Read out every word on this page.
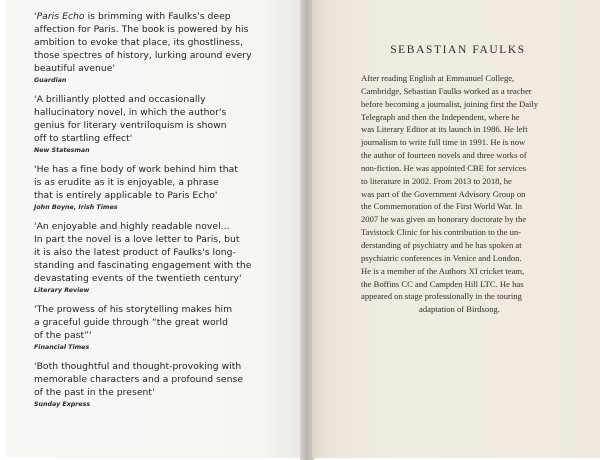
'Paris Echo is brimming with Faulks's deep
affection for Paris. The book is powered by his
ambition to evoke that place, its ghostliness,
those spectres of history, lurking around every
beautiful avenue'

Guardian

'A brilliantly plotted and occasionally
hallucinatory novel, in which the author's
genius for literary ventriloquism is shown
off to startling effect'

New Statesman

'He has a fine body of work behind him that
is as erudite as it is enjoyable, a phrase
that is entirely applicable to Paris Echo'

John Boyne, Irish Times

'An enjoyable and highly readable novel...
In part the novel is a love letter to Paris, but
it is also the latest product of Faulks's long-
standing and fascinating engagement with the
devastating events of the twentieth century'

Literary Review

'The prowess of his storytelling makes him
a graceful guide through “the great world
of the past”'

Financial Times

'Both thoughtful and thought-provoking with
memorable characters and a profound sense
of the past in the present'

Sunday Express

SEBASTIAN FAULKS

After reading English at Emmanuel College,
Cambridge, Sebastian Faulks worked as a teacher
before becoming a journalist, joining first the Daily
Telegraph and then the Independent, where he
was Literary Editor at its launch in 1986. He left
journalism to write full time in 1991. He is now
the author of fourteen novels and three works of
non-fiction. He was appointed CBE for services
to literature in 2002. From 2013 to 2018, he
was part of the Government Advisory Group on
the Commemoration of the First World War. In
2007 he was given an honorary doctorate by the
Tavistock Clinic for his contribution to the un-
derstanding of psychiatry and he has spoken at
psychiatric conferences in Venice and London.
He is a member of the Authors XI cricket team,
the Boffins CC and Campden Hill LTC. He has
appeared on stage professionally in the touring

adaptation of Birdsong.
